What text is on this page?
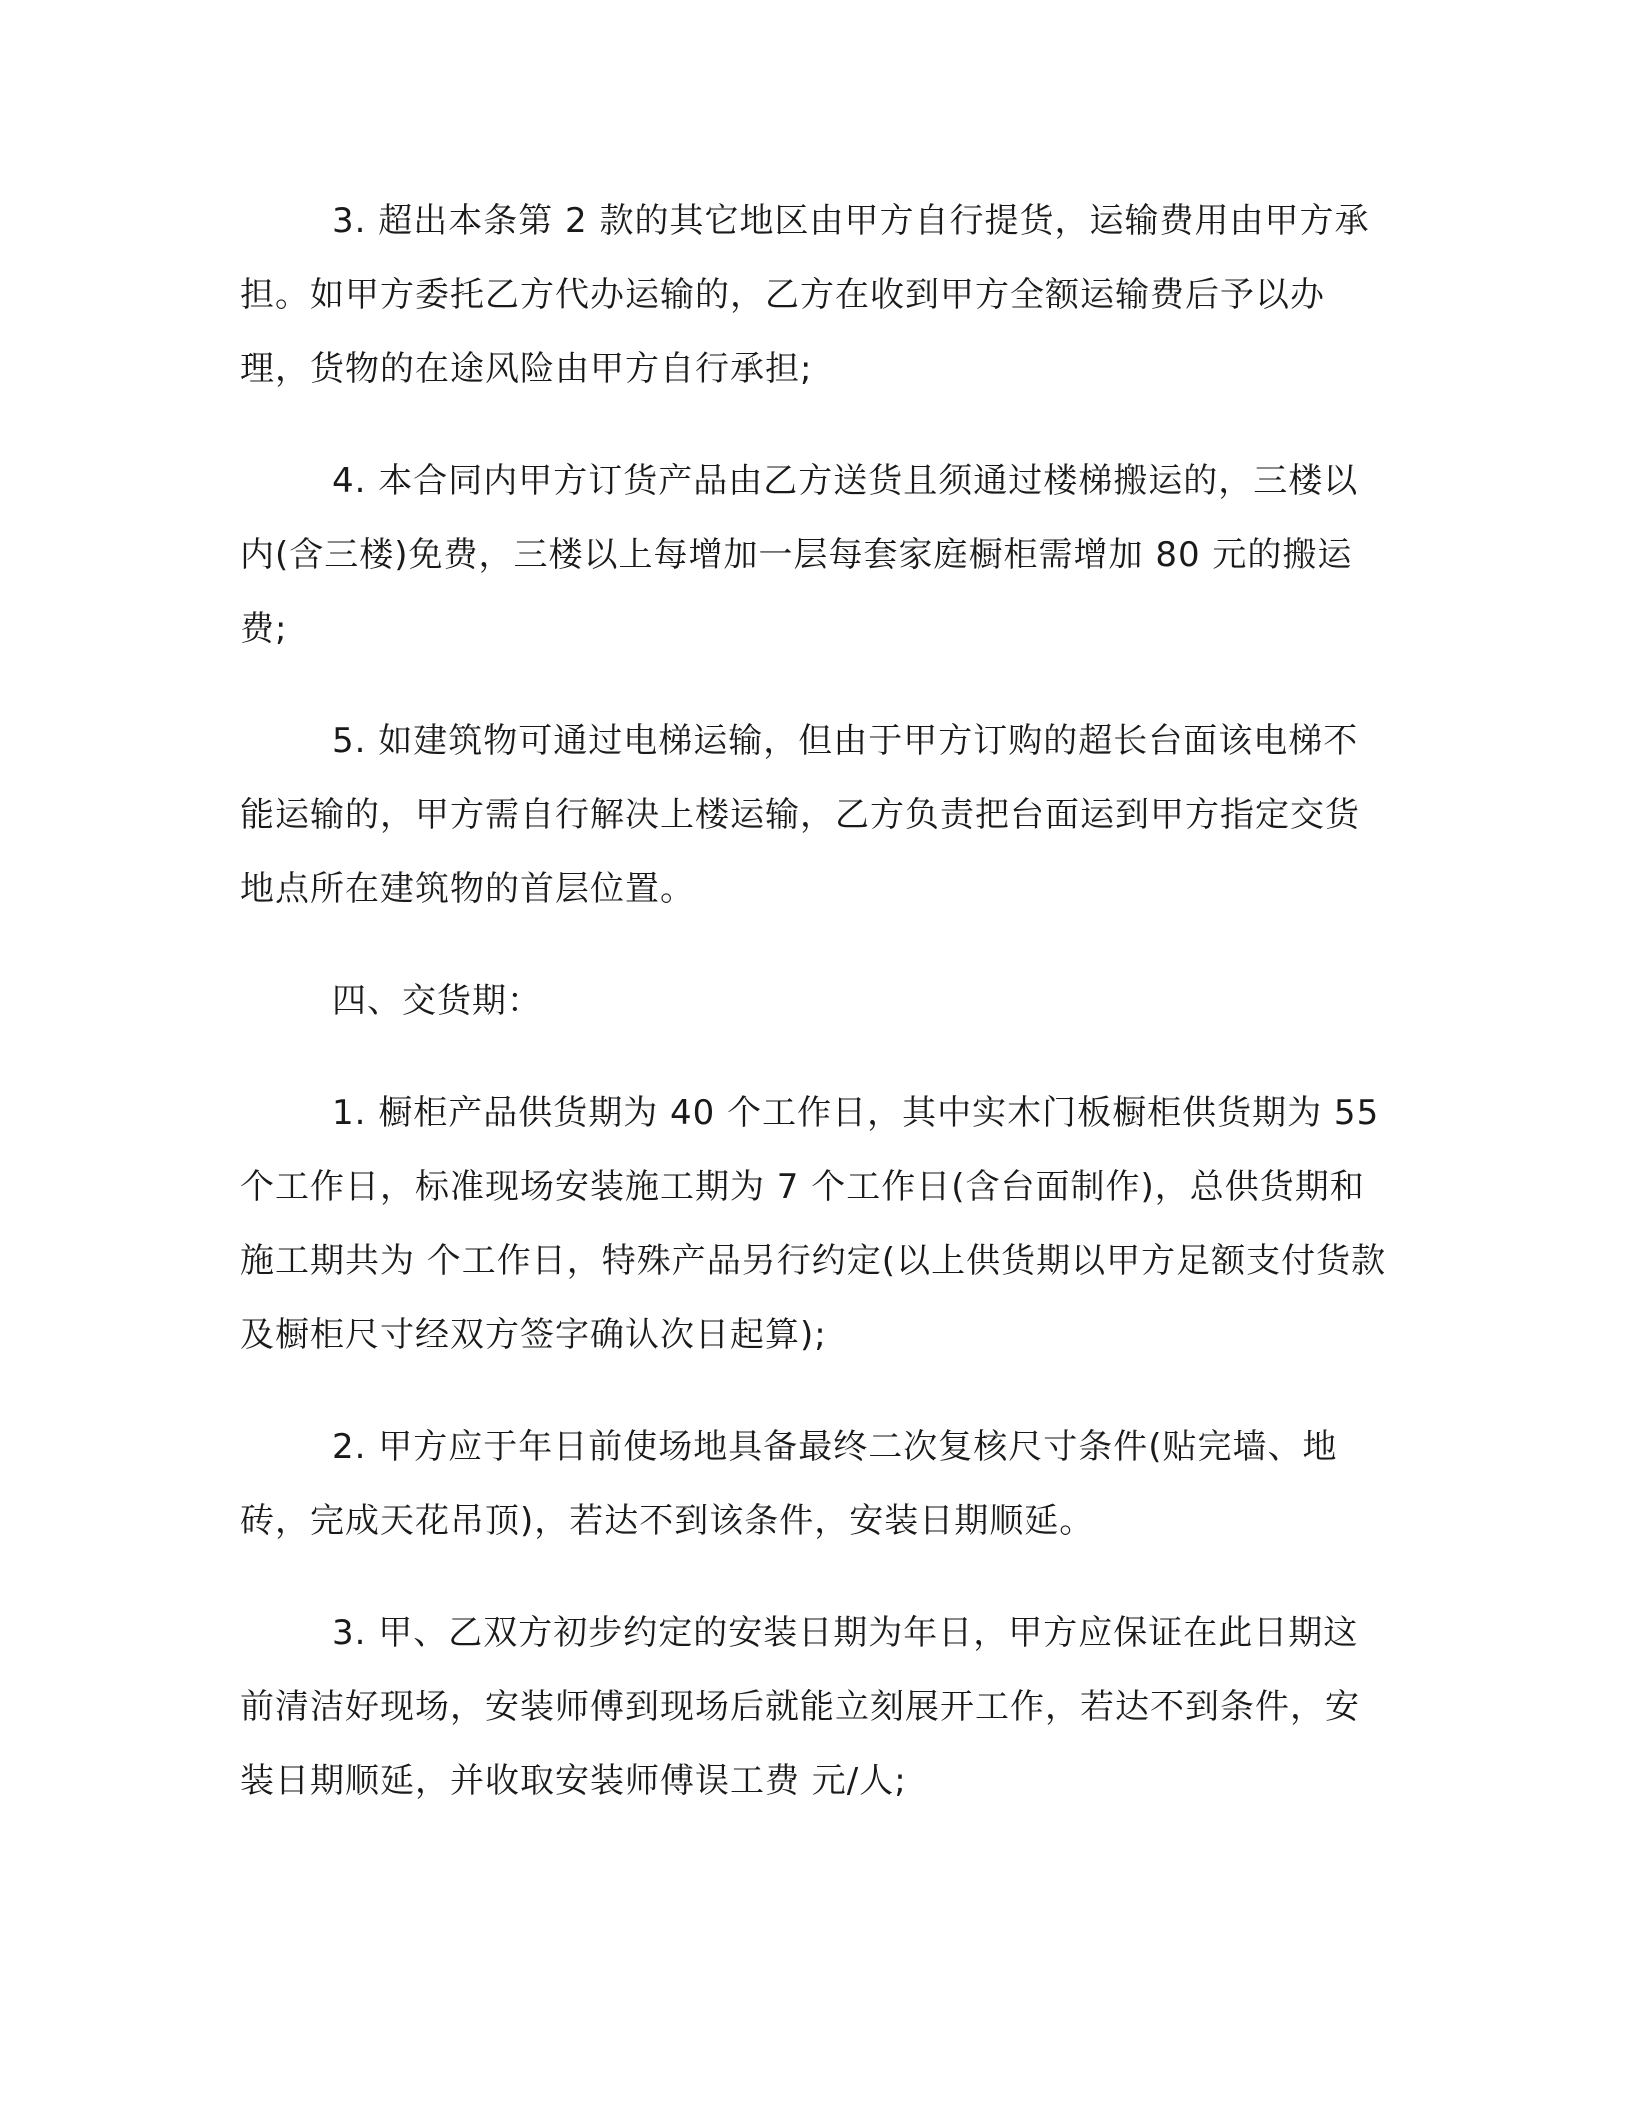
3. 超出本条第 2 款的其它地区由甲方自行提货，运输费用由甲方承担。如甲方委托乙方代办运输的，乙方在收到甲方全额运输费后予以办理，货物的在途风险由甲方自行承担;

4. 本合同内甲方订货产品由乙方送货且须通过楼梯搬运的，三楼以内(含三楼)免费，三楼以上每增加一层每套家庭橱柜需增加 80 元的搬运费;

5. 如建筑物可通过电梯运输，但由于甲方订购的超长台面该电梯不能运输的，甲方需自行解决上楼运输，乙方负责把台面运到甲方指定交货地点所在建筑物的首层位置。

四、交货期：

1. 橱柜产品供货期为 40 个工作日，其中实木门板橱柜供货期为 55 个工作日，标准现场安装施工期为 7 个工作日(含台面制作)，总供货期和施工期共为 个工作日，特殊产品另行约定(以上供货期以甲方足额支付货款及橱柜尺寸经双方签字确认次日起算);

2. 甲方应于年日前使场地具备最终二次复核尺寸条件(贴完墙、地砖，完成天花吊顶)，若达不到该条件，安装日期顺延。

3. 甲、乙双方初步约定的安装日期为年日，甲方应保证在此日期这前清洁好现场，安装师傅到现场后就能立刻展开工作，若达不到条件，安装日期顺延，并收取安装师傅误工费 元/人;
